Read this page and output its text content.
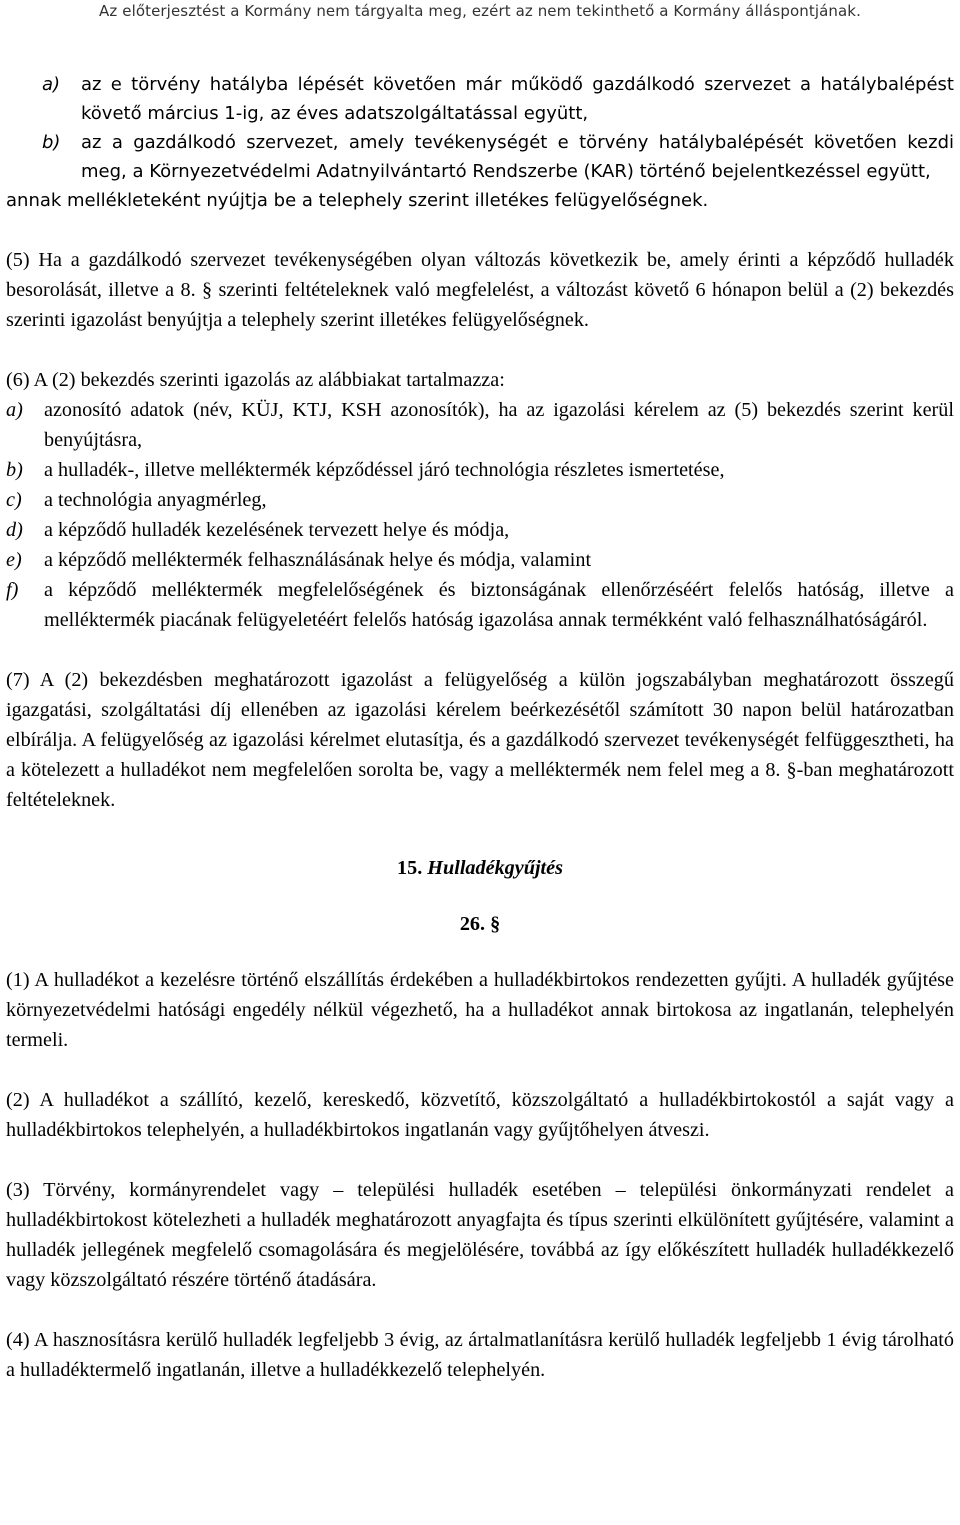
Az előterjesztést a Kormány nem tárgyalta meg, ezért az nem tekinthető a Kormány álláspontjának.
a)	az e törvény hatályba lépését követően már működő gazdálkodó szervezet a hatálybalépést követő március 1-ig, az éves adatszolgáltatással együtt,
b)	az a gazdálkodó szervezet, amely tevékenységét e törvény hatálybalépését követően kezdi meg, a Környezetvédelmi Adatnyilvántartó Rendszerbe (KAR) történő bejelentkezéssel együtt,

annak mellékleteként nyújtja be a telephely szerint illetékes felügyelőségnek.

(5) Ha a gazdálkodó szervezet tevékenységében olyan változás következik be, amely érinti a képződő hulladék besorolását, illetve a 8. § szerinti feltételeknek való megfelelést, a változást követő 6 hónapon belül a (2) bekezdés szerinti igazolást benyújtja a telephely szerint illetékes felügyelőségnek.

(6) A (2) bekezdés szerinti igazolás az alábbiakat tartalmazza:

a)	azonosító adatok (név, KÜJ, KTJ, KSH azonosítók), ha az igazolási kérelem az (5) bekezdés szerint kerül benyújtásra,
b)	a hulladék-, illetve melléktermék képződéssel járó technológia részletes ismertetése,
c)	a technológia anyagmérleg,
d)	a képződő hulladék kezelésének tervezett helye és módja,
e)	a képződő melléktermék felhasználásának helye és módja, valamint
f)	a képződő melléktermék megfelelőségének és biztonságának ellenőrzéséért felelős hatóság, illetve a melléktermék piacának felügyeletéért felelős hatóság igazolása annak termékként való felhasználhatóságáról.

(7) A (2) bekezdésben meghatározott igazolást a felügyelőség a külön jogszabályban meghatározott összegű igazgatási, szolgáltatási díj ellenében az igazolási kérelem beérkezésétől számított 30 napon belül határozatban elbírálja. A felügyelőség az igazolási kérelmet elutasítja, és a gazdálkodó szervezet tevékenységét felfüggesztheti, ha a kötelezett a hulladékot nem megfelelően sorolta be, vagy a melléktermék nem felel meg a 8. §-ban meghatározott feltételeknek.

15. Hulladékgyűjtés

26. §

(1) A hulladékot a kezelésre történő elszállítás érdekében a hulladékbirtokos rendezetten gyűjti. A hulladék gyűjtése környezetvédelmi hatósági engedély nélkül végezhető, ha a hulladékot annak birtokosa az ingatlanán, telephelyén termeli.

(2) A hulladékot a szállító, kezelő, kereskedő, közvetítő, közszolgáltató a hulladékbirtokostól a saját vagy a hulladékbirtokos telephelyén, a hulladékbirtokos ingatlanán vagy gyűjtőhelyen átveszi.

(3) Törvény, kormányrendelet vagy – települési hulladék esetében – települési önkormányzati rendelet a hulladékbirtokost kötelezheti a hulladék meghatározott anyagfajta és típus szerinti elkülönített gyűjtésére, valamint a hulladék jellegének megfelelő csomagolására és megjelölésére, továbbá az így előkészített hulladék hulladékkezelő vagy közszolgáltató részére történő átadására.

(4) A hasznosításra kerülő hulladék legfeljebb 3 évig, az ártalmatlanításra kerülő hulladék legfeljebb 1 évig tárolható a hulladéktermelő ingatlanán, illetve a hulladékkezelő telephelyén.
